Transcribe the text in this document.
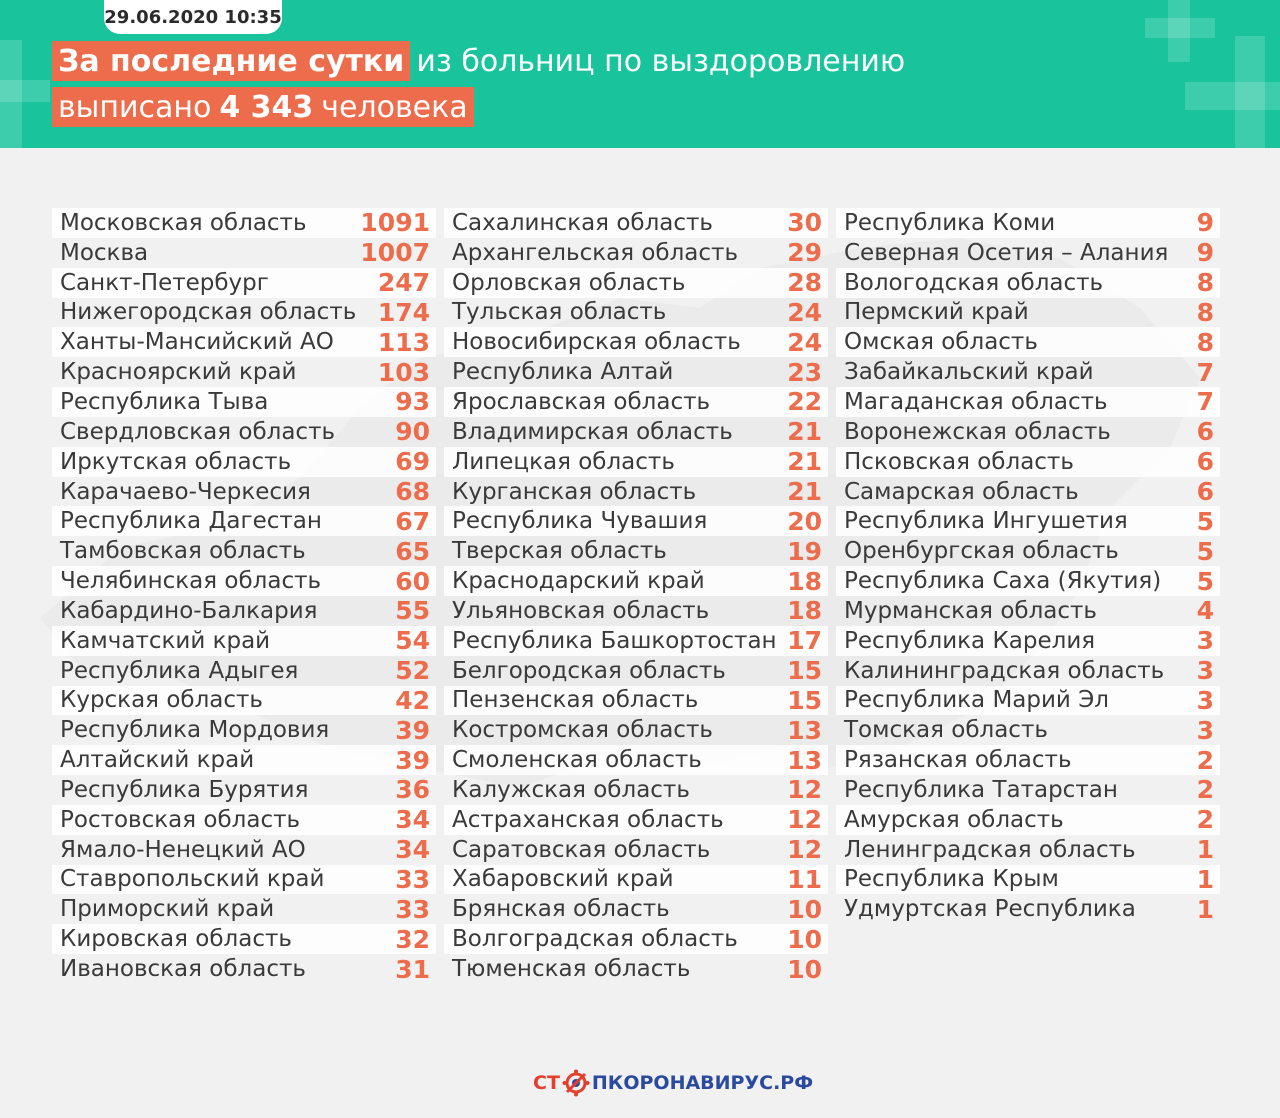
29.06.2020 10:35
За последние сутки из больниц по выздоровлению
выписано 4 343 человека
Московская область 1091
Москва	1007
Санкт-Петербург	247
Нижегородская область 174
Ханты-Мансийский АО 113
Красноярский край	103
Республика Тыва	93
Свердловская область 90
Иркутская область	69
Карачаево-Черкесия	68
Республика Дагестан	67
Тамбовская область	65
Челябинская область	60
Кабардино-Балкария	55
Камчатский край	54
Республика Адыгея	52
Курская область	42
Республика Мордовия	39
Алтайский край	39
Республика Бурятия	36
Ростовская область	34
Ямало-Ненецкий АО	34
Ставропольский край	33
Приморский край	33
Кировская область	32
Ивановская область	31
Сахалинская область	30
Архангельская область 29
Орловская область	28
Тульская область	24
Новосибирская область 24
Республика Алтай	23
Ярославская область	22
Владимирская область 21
Липецкая область	21
Курганская область	21
Республика Чувашия	20
Тверская область	19
Краснодарский край	18
Ульяновская область	18
Республика Башкортостан 17
Белгородская область 15
Пензенская область	15
Костромская область	13
Смоленская область	13
Калужская область	12
Астраханская область	12
Саратовская область	12
Хабаровский край	11
Брянская область	10
Волгоградская область 10
Тюменская область	10
Республика Коми	9
Северная Осетия – Алания 9
Вологодская область	8
Пермский край	8
Омская область	8
Забайкальский край	7
Магаданская область	7
Воронежская область	6
Псковская область	6
Самарская область	6
Республика Ингушетия	5
Оренбургская область	5
Республика Саха (Якутия) 5
Мурманская область	4
Республика Карелия	3
Калининградская область 3
Республика Марий Эл	3
Томская область	3
Рязанская область	2
Республика Татарстан	2
Амурская область	2
Ленинградская область 1
Республика Крым	1
Удмуртская Республика 1
СТ ПКОРОНАВИРУС.РФ
